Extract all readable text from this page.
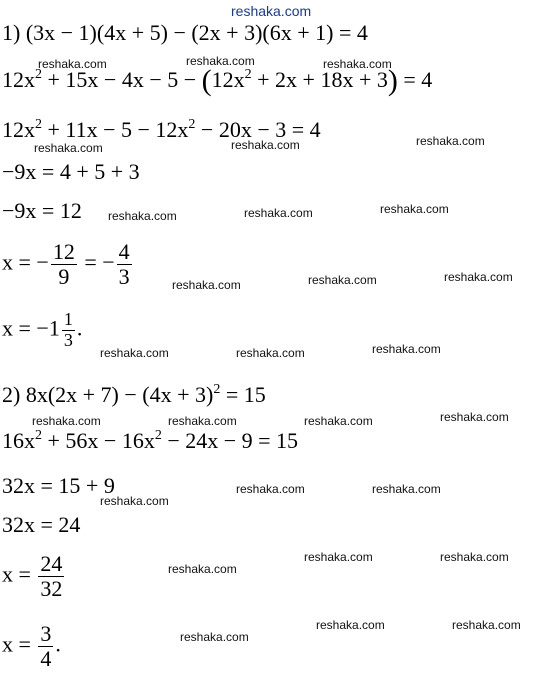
1) (3x − 1)(4x + 5) − (2x + 3)(6x + 1) = 4
$12x^2 + 15x - 4x - 5 - (12x^2 + 2x + 18x + 3) = 4$
$12x^2 + 11x - 5 - 12x^2 - 20x - 3 = 4$
−9x = 4 + 5 + 3
−9x = 12
x = − $\frac{12}{9}$ = − $\frac{4}{3}$
$x = -1 \frac{1}{3}$ .
2) $8x(2x + 7) - (4x + 3)^2 = 15$
$16x^2 + 56x - 16x^2 - 24x - 9 = 15$
32x = 15 + 9
32x = 24
$x = \frac{24}{32}$
$x = \frac{3}{4}$ .
reshaka.com
reshaka.com	reshaka.com	reshaka.com
reshaka.com	reshaka.com	reshaka.com
reshaka.com	reshaka.com	reshaka.com
reshaka.com	reshaka.com	reshaka.com
reshaka.com	reshaka.com	reshaka.com
reshaka.com	reshaka.com	reshaka.com	reshaka.com
reshaka.com
reshaka.com	reshaka.com
reshaka.com	reshaka.com
reshaka.com
reshaka.com	reshaka.com
reshaka.com
